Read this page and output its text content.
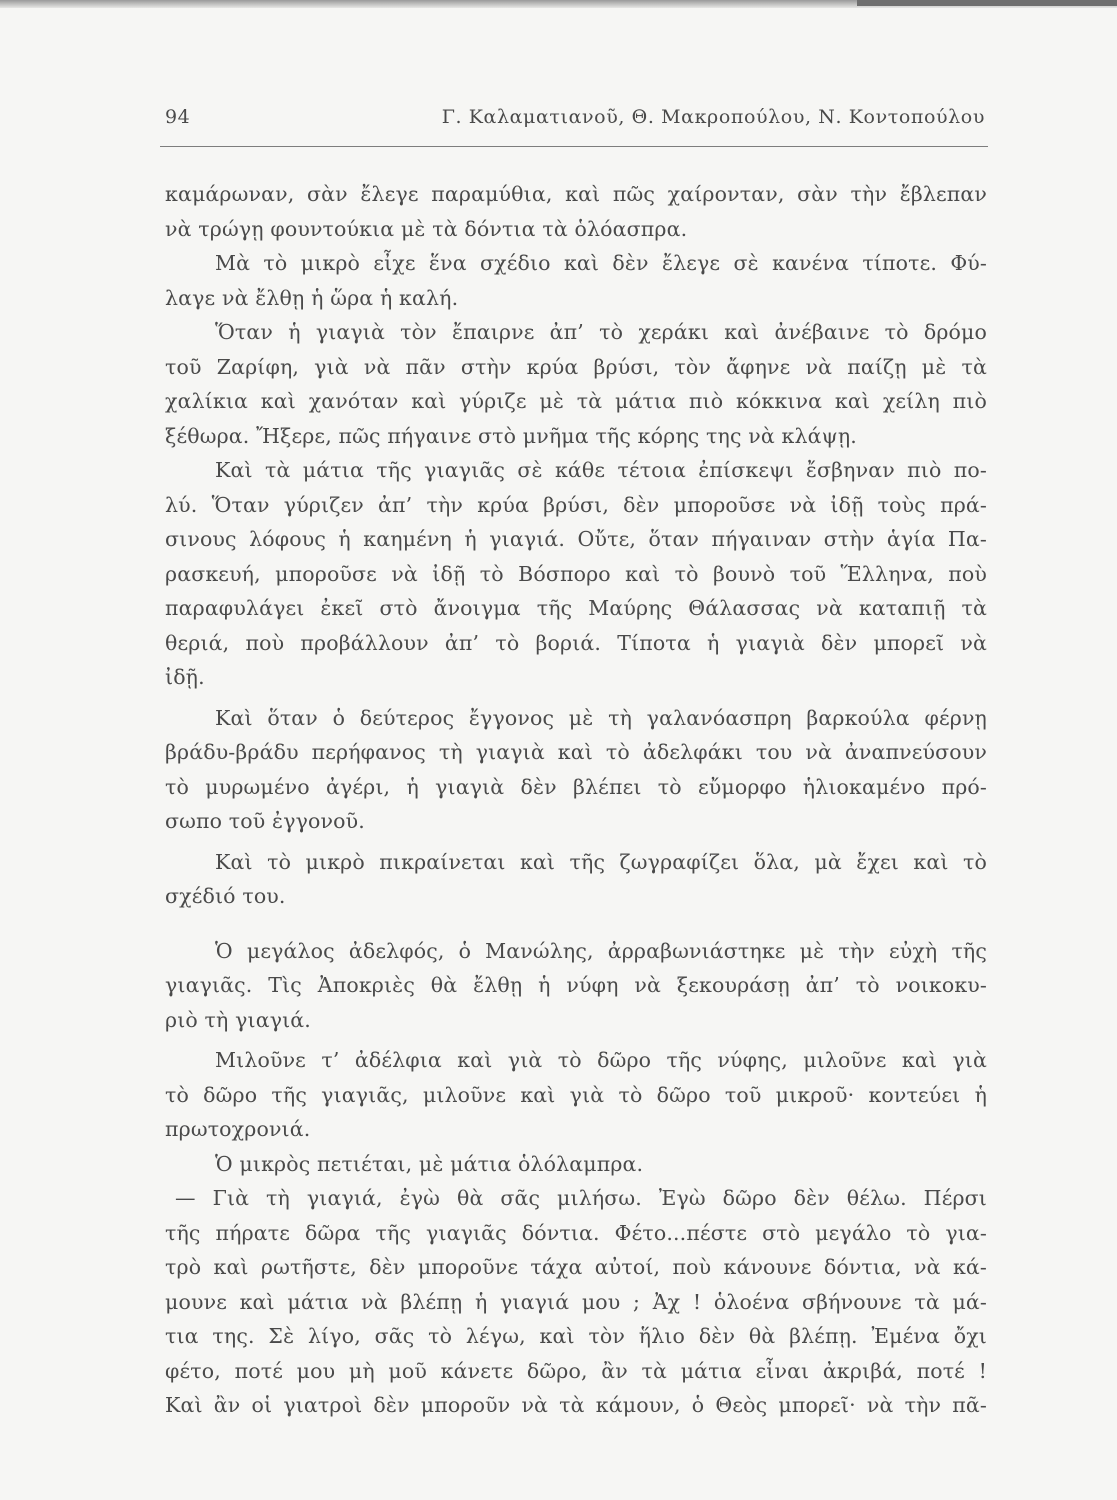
94	Γ. Καλαματιανοῦ, Θ. Μακροπούλου, Ν. Κοντοπούλου
καμάρωναν, σὰν ἔλεγε παραμύθια, καὶ πῶς χαίρονταν, σὰν τὴν ἔβλεπαν
νὰ τρώγῃ φουντούκια μὲ τὰ δόντια τὰ ὁλόασπρα.
Μὰ τὸ μικρὸ εἶχε ἕνα σχέδιο καὶ δὲν ἔλεγε σὲ κανένα τίποτε. Φύ-
λαγε νὰ ἔλθῃ ἡ ὥρα ἡ καλή.
Ὅταν ἡ γιαγιὰ τὸν ἔπαιρνε ἀπ’ τὸ χεράκι καὶ ἀνέβαινε τὸ δρόμο
τοῦ Ζαρίφη, γιὰ νὰ πᾶν στὴν κρύα βρύσι, τὸν ἄφηνε νὰ παίζῃ μὲ τὰ
χαλίκια καὶ χανόταν καὶ γύριζε μὲ τὰ μάτια πιὸ κόκκινα καὶ χείλη πιὸ
ξέθωρα. Ἤξερε, πῶς πήγαινε στὸ μνῆμα τῆς κόρης της νὰ κλάψῃ.
Καὶ τὰ μάτια τῆς γιαγιᾶς σὲ κάθε τέτοια ἐπίσκεψι ἔσβηναν πιὸ πο-
λύ. Ὅταν γύριζεν ἀπ’ τὴν κρύα βρύσι, δὲν μποροῦσε νὰ ἰδῇ τοὺς πρά-
σινους λόφους ἡ καημένη ἡ γιαγιά. Οὔτε, ὅταν πήγαιναν στὴν ἁγία Πα-
ρασκευή, μποροῦσε νὰ ἰδῇ τὸ Βόσπορο καὶ τὸ βουνὸ τοῦ Ἕλληνα, ποὺ
παραφυλάγει ἐκεῖ στὸ ἄνοιγμα τῆς Μαύρης Θάλασσας νὰ καταπιῇ τὰ
θεριά, ποὺ προβάλλουν ἀπ’ τὸ βοριά. Τίποτα ἡ γιαγιὰ δὲν μπορεῖ νὰ
ἰδῇ.
Καὶ ὅταν ὁ δεύτερος ἔγγονος μὲ τὴ γαλανόασπρη βαρκούλα φέρνῃ
βράδυ-βράδυ περήφανος τὴ γιαγιὰ καὶ τὸ ἀδελφάκι του νὰ ἀναπνεύσουν
τὸ μυρωμένο ἀγέρι, ἡ γιαγιὰ δὲν βλέπει τὸ εὔμορφο ἡλιοκαμένο πρό-
σωπο τοῦ ἐγγονοῦ.
Καὶ τὸ μικρὸ πικραίνεται καὶ τῆς ζωγραφίζει ὅλα, μὰ ἔχει καὶ τὸ
σχέδιό του.
Ὁ μεγάλος ἀδελφός, ὁ Μανώλης, ἀρραβωνιάστηκε μὲ τὴν εὐχὴ τῆς
γιαγιᾶς. Τὶς Ἀποκριὲς θὰ ἔλθῃ ἡ νύφη νὰ ξεκουράσῃ ἀπ’ τὸ νοικοκυ-
ριὸ τὴ γιαγιά.
Μιλοῦνε τ’ ἀδέλφια καὶ γιὰ τὸ δῶρο τῆς νύφης, μιλοῦνε καὶ γιὰ
τὸ δῶρο τῆς γιαγιᾶς, μιλοῦνε καὶ γιὰ τὸ δῶρο τοῦ μικροῦ· κοντεύει ἡ
πρωτοχρονιά.
Ὁ μικρὸς πετιέται, μὲ μάτια ὁλόλαμπρα.
— Γιὰ τὴ γιαγιά, ἐγὼ θὰ σᾶς μιλήσω. Ἐγὼ δῶρο δὲν θέλω. Πέρσι
τῆς πήρατε δῶρα τῆς γιαγιᾶς δόντια. Φέτο...πέστε στὸ μεγάλο τὸ για-
τρὸ καὶ ρωτῆστε, δὲν μποροῦνε τάχα αὐτοί, ποὺ κάνουνε δόντια, νὰ κά-
μουνε καὶ μάτια νὰ βλέπῃ ἡ γιαγιά μου ; Ἀχ ! ὁλοένα σβήνουνε τὰ μά-
τια της. Σὲ λίγο, σᾶς τὸ λέγω, καὶ τὸν ἥλιο δὲν θὰ βλέπῃ. Ἐμένα ὄχι
φέτο, ποτέ μου μὴ μοῦ κάνετε δῶρο, ἂν τὰ μάτια εἶναι ἀκριβά, ποτέ !
Καὶ ἂν οἱ γιατροὶ δὲν μποροῦν νὰ τὰ κάμουν, ὁ Θεὸς μπορεῖ· νὰ τὴν πᾶ-
